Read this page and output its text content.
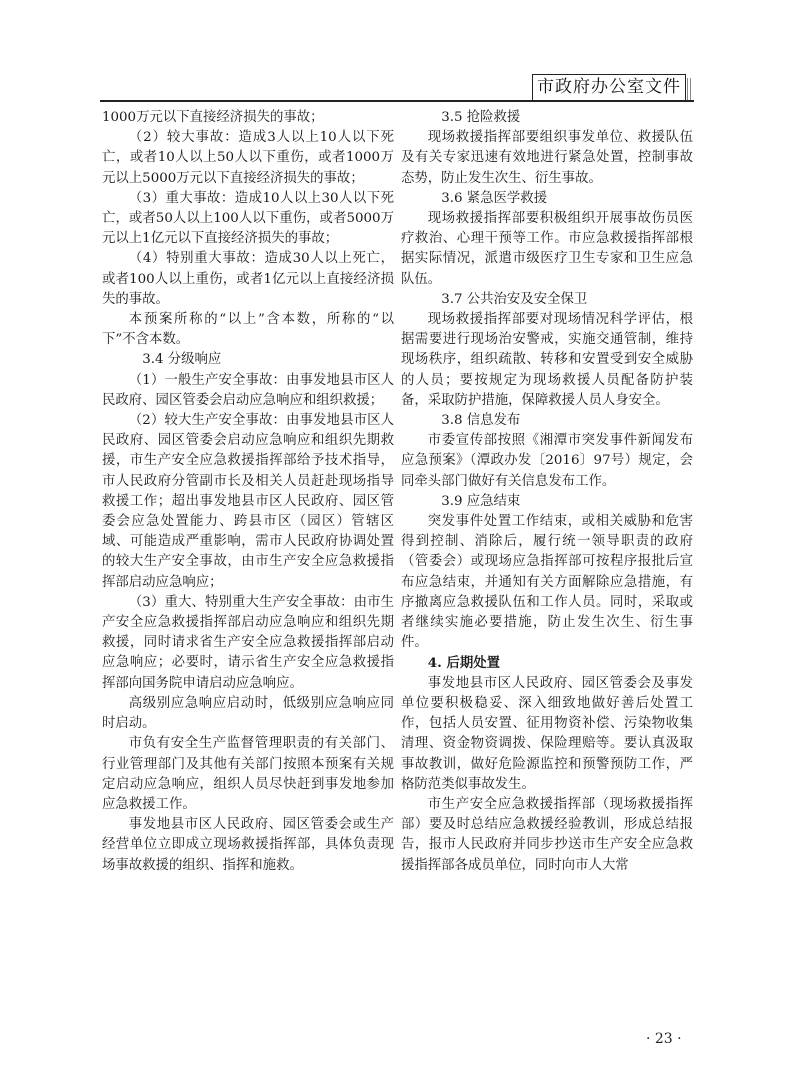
市政府办公室文件

1000万元以下直接经济损失的事故；

（2）较大事故：造成3人以上10人以下死亡，或者10人以上50人以下重伤，或者1000万元以上5000万元以下直接经济损失的事故；

（3）重大事故：造成10人以上30人以下死亡，或者50人以上100人以下重伤，或者5000万元以上1亿元以下直接经济损失的事故；

（4）特别重大事故：造成30人以上死亡，或者100人以上重伤，或者1亿元以上直接经济损失的事故。

本预案所称的“以上”含本数，所称的“以下”不含本数。

3.4 分级响应

（1）一般生产安全事故：由事发地县市区人民政府、园区管委会启动应急响应和组织救援；

（2）较大生产安全事故：由事发地县市区人民政府、园区管委会启动应急响应和组织先期救援，市生产安全应急救援指挥部给予技术指导，市人民政府分管副市长及相关人员赶赴现场指导救援工作；超出事发地县市区人民政府、园区管委会应急处置能力、跨县市区（园区）管辖区域、可能造成严重影响，需市人民政府协调处置的较大生产安全事故，由市生产安全应急救援指挥部启动应急响应；

（3）重大、特别重大生产安全事故：由市生产安全应急救援指挥部启动应急响应和组织先期救援，同时请求省生产安全应急救援指挥部启动应急响应；必要时，请示省生产安全应急救援指挥部向国务院申请启动应急响应。

高级别应急响应启动时，低级别应急响应同时启动。

市负有安全生产监督管理职责的有关部门、行业管理部门及其他有关部门按照本预案有关规定启动应急响应，组织人员尽快赶到事发地参加应急救援工作。

事发地县市区人民政府、园区管委会或生产经营单位立即成立现场救援指挥部，具体负责现场事故救援的组织、指挥和施救。

3.5 抢险救援

现场救援指挥部要组织事发单位、救援队伍及有关专家迅速有效地进行紧急处置，控制事故态势，防止发生次生、衍生事故。

3.6 紧急医学救援

现场救援指挥部要积极组织开展事故伤员医疗救治、心理干预等工作。市应急救援指挥部根据实际情况，派遣市级医疗卫生专家和卫生应急队伍。

3.7 公共治安及安全保卫

现场救援指挥部要对现场情况科学评估，根据需要进行现场治安警戒，实施交通管制，维持现场秩序，组织疏散、转移和安置受到安全威胁的人员；要按规定为现场救援人员配备防护装备，采取防护措施，保障救援人员人身安全。

3.8 信息发布

市委宣传部按照《湘潭市突发事件新闻发布应急预案》（潭政办发〔2016〕97号）规定，会同牵头部门做好有关信息发布工作。

3.9 应急结束

突发事件处置工作结束，或相关威胁和危害得到控制、消除后，履行统一领导职责的政府（管委会）或现场应急指挥部可按程序报批后宣布应急结束，并通知有关方面解除应急措施，有序撤离应急救援队伍和工作人员。同时，采取或者继续实施必要措施，防止发生次生、衍生事件。

4. 后期处置

事发地县市区人民政府、园区管委会及事发单位要积极稳妥、深入细致地做好善后处置工作，包括人员安置、征用物资补偿、污染物收集清理、资金物资调拨、保险理赔等。要认真汲取事故教训，做好危险源监控和预警预防工作，严格防范类似事故发生。

市生产安全应急救援指挥部（现场救援指挥部）要及时总结应急救援经验教训，形成总结报告，报市人民政府并同步抄送市生产安全应急救援指挥部各成员单位，同时向市人大常

· 23 ·
